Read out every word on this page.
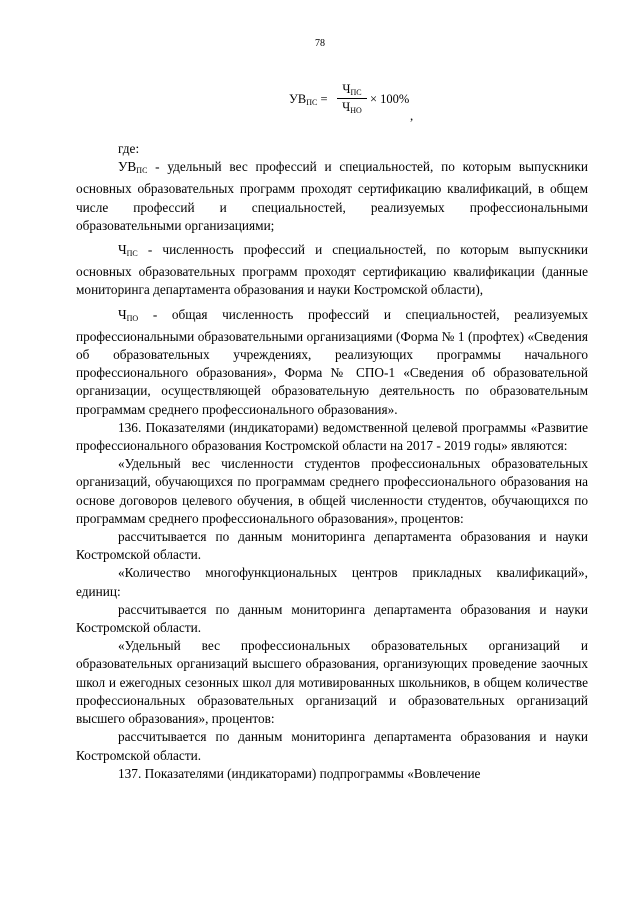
78
$УВ_{ПС}$ =
$Ч_{ПС}$
$Ч_{НО}$
× 100%
,

где:

$УВ_{ПС}$ - удельный вес профессий и специальностей, по которым выпускники основных образовательных программ проходят сертификацию квалификаций, в общем числе профессий и специальностей, реализуемых профессиональными образовательными организациями;

$Ч_{ПС}$ - численность профессий и специальностей, по которым выпускники основных образовательных программ проходят сертификацию квалификации (данные мониторинга департамента образования и науки Костромской области),

$Ч_{ПО}$ - общая численность профессий и специальностей, реализуемых профессиональными образовательными организациями (Форма № 1 (профтех) «Сведения об образовательных учреждениях, реализующих программы начального профессионального образования», Форма № СПО-1 «Сведения об образовательной организации, осуществляющей образовательную деятельность по образовательным программам среднего профессионального образования».

136. Показателями (индикаторами) ведомственной целевой программы «Развитие профессионального образования Костромской области на 2017 - 2019 годы» являются:

«Удельный вес численности студентов профессиональных образовательных организаций, обучающихся по программам среднего профессионального образования на основе договоров целевого обучения, в общей численности студентов, обучающихся по программам среднего профессионального образования», процентов:

рассчитывается по данным мониторинга департамента образования и науки Костромской области.

«Количество многофункциональных центров прикладных квалификаций», единиц:

рассчитывается по данным мониторинга департамента образования и науки Костромской области.

«Удельный вес профессиональных образовательных организаций и образовательных организаций высшего образования, организующих проведение заочных школ и ежегодных сезонных школ для мотивированных школьников, в общем количестве профессиональных образовательных организаций и образовательных организаций высшего образования», процентов:

рассчитывается по данным мониторинга департамента образования и науки Костромской области.

137. Показателями (индикаторами) подпрограммы «Вовлечение
